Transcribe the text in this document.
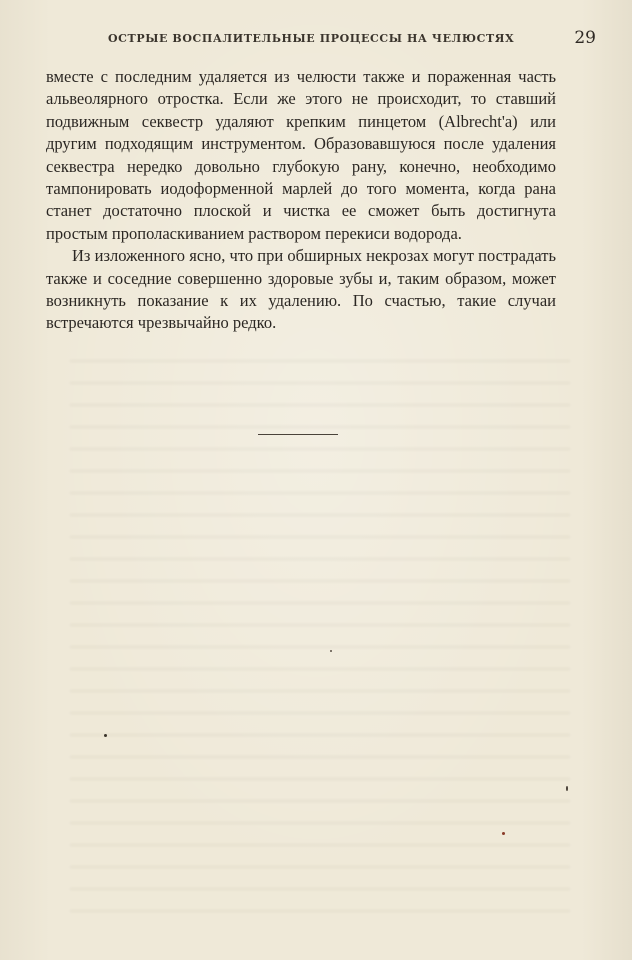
ОСТРЫЕ ВОСПАЛИТЕЛЬНЫЕ ПРОЦЕССЫ НА ЧЕЛЮСТЯХ	29

вместе с последним удаляется из челюсти также и пораженная часть альвеолярного отростка. Если же этого не происходит, то ставший подвижным секвестр удаляют крепким пинцетом (Albrecht'a) или другим подходящим инструментом. Образовавшуюся после удаления секвестра нередко довольно глубокую рану, конечно, необходимо тампонировать иодоформенной марлей до того момента, когда рана станет достаточно плоской и чистка ее сможет быть достигнута простым прополаскиванием раствором перекиси водорода.

Из изложенного ясно, что при обширных некрозах могут пострадать также и соседние совершенно здоровые зубы и, таким образом, может возникнуть показание к их удалению. По счастью, такие случаи встречаются чрезвычайно редко.
